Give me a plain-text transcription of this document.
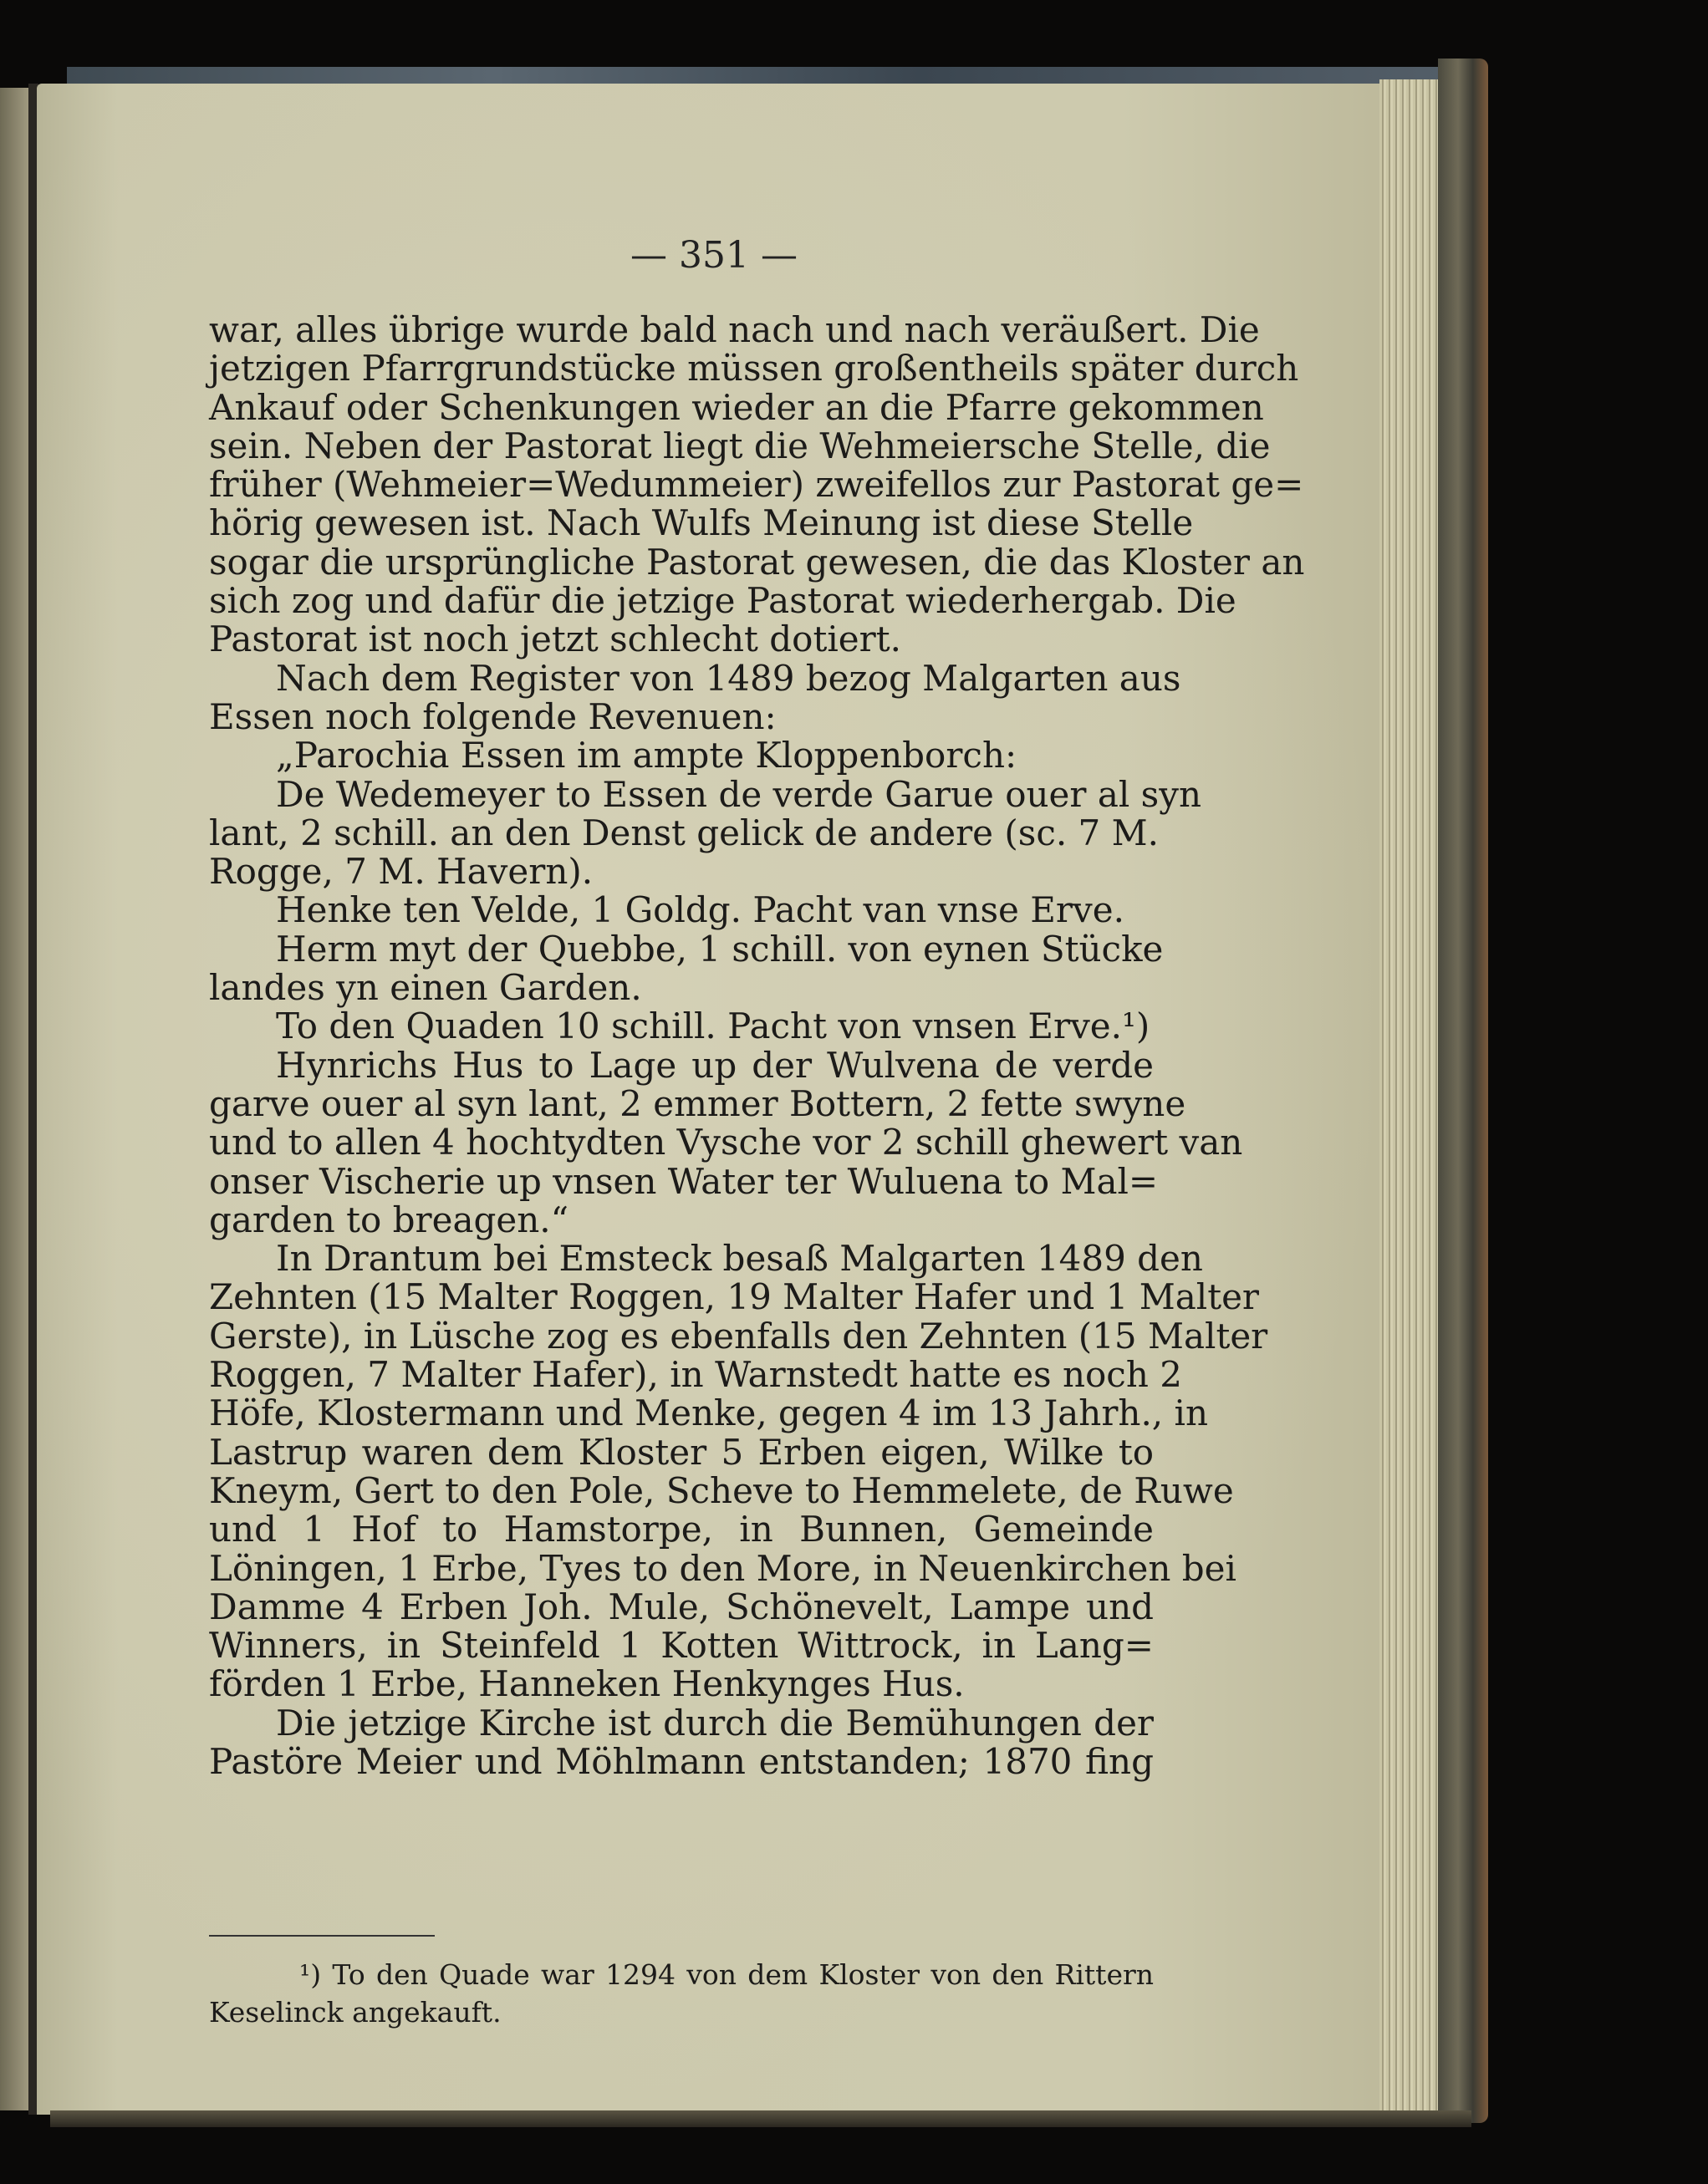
— 351 —
war, alles übrige wurde bald nach und nach veräußert. Die
jetzigen Pfarrgrundstücke müssen großentheils später durch
Ankauf oder Schenkungen wieder an die Pfarre gekommen
sein. Neben der Pastorat liegt die Wehmeiersche Stelle, die
früher (Wehmeier=Wedummeier) zweifellos zur Pastorat ge=
hörig gewesen ist. Nach Wulfs Meinung ist diese Stelle
sogar die ursprüngliche Pastorat gewesen, die das Kloster an
sich zog und dafür die jetzige Pastorat wiederhergab. Die
Pastorat ist noch jetzt schlecht dotiert.
Nach dem Register von 1489 bezog Malgarten aus
Essen noch folgende Revenuen:
„Parochia Essen im ampte Kloppenborch:
De Wedemeyer to Essen de verde Garue ouer al syn
lant, 2 schill. an den Denst gelick de andere (sc. 7 M.
Rogge, 7 M. Havern).
Henke ten Velde, 1 Goldg. Pacht van vnse Erve.
Herm myt der Quebbe, 1 schill. von eynen Stücke
landes yn einen Garden.
To den Quaden 10 schill. Pacht von vnsen Erve.¹)
Hynrichs Hus to Lage up der Wulvena de verde
garve ouer al syn lant, 2 emmer Bottern, 2 fette swyne
und to allen 4 hochtydten Vysche vor 2 schill ghewert van
onser Vischerie up vnsen Water ter Wuluena to Mal=
garden to breagen.“
In Drantum bei Emsteck besaß Malgarten 1489 den
Zehnten (15 Malter Roggen, 19 Malter Hafer und 1 Malter
Gerste), in Lüsche zog es ebenfalls den Zehnten (15 Malter
Roggen, 7 Malter Hafer), in Warnstedt hatte es noch 2
Höfe, Klostermann und Menke, gegen 4 im 13 Jahrh., in
Lastrup waren dem Kloster 5 Erben eigen, Wilke to
Kneym, Gert to den Pole, Scheve to Hemmelete, de Ruwe
und 1 Hof to Hamstorpe, in Bunnen, Gemeinde
Löningen, 1 Erbe, Tyes to den More, in Neuenkirchen bei
Damme 4 Erben Joh. Mule, Schönevelt, Lampe und
Winners, in Steinfeld 1 Kotten Wittrock, in Lang=
förden 1 Erbe, Hanneken Henkynges Hus.
Die jetzige Kirche ist durch die Bemühungen der
Pastöre Meier und Möhlmann entstanden; 1870 fing
¹) To den Quade war 1294 von dem Kloster von den Rittern
Keselinck angekauft.
